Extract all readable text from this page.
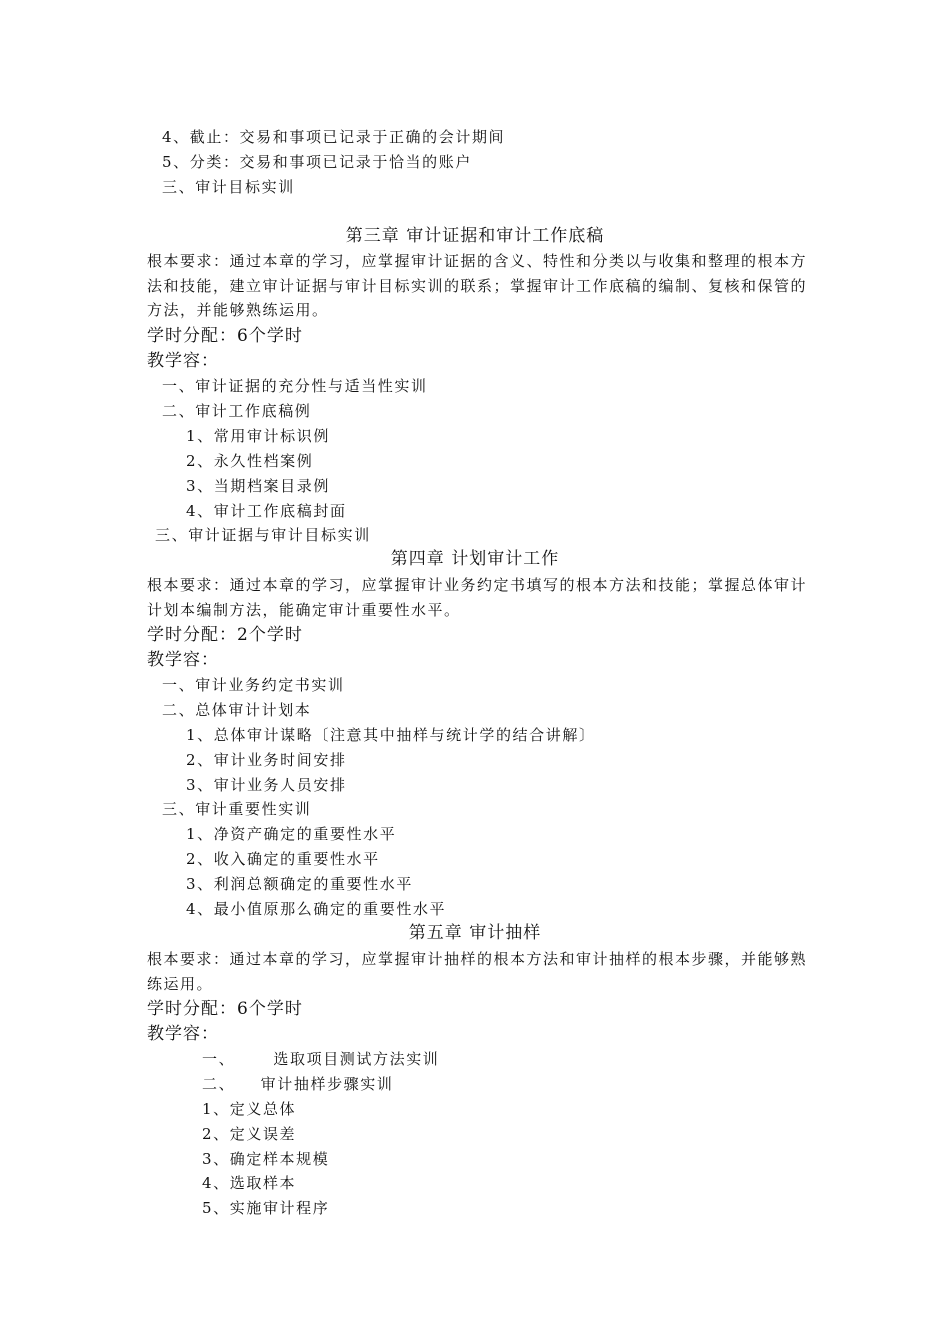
4、截止：交易和事项已记录于正确的会计期间
5、分类：交易和事项已记录于恰当的账户
三、审计目标实训
第三章 审计证据和审计工作底稿

根本要求：通过本章的学习，应掌握审计证据的含义、特性和分类以与收集和整理的根本方法和技能，建立审计证据与审计目标实训的联系；掌握审计工作底稿的编制、复核和保管的方法，并能够熟练运用。

学时分配：6个学时
教学容：
一、审计证据的充分性与适当性实训
二、审计工作底稿例
1、常用审计标识例
2、永久性档案例
3、当期档案目录例
4、审计工作底稿封面
三、审计证据与审计目标实训
第四章 计划审计工作

根本要求：通过本章的学习，应掌握审计业务约定书填写的根本方法和技能；掌握总体审计计划本编制方法，能确定审计重要性水平。

学时分配：2个学时
教学容：
一、审计业务约定书实训
二、总体审计计划本
1、总体审计谋略〔注意其中抽样与统计学的结合讲解〕
2、审计业务时间安排
3、审计业务人员安排
三、审计重要性实训
1、净资产确定的重要性水平
2、收入确定的重要性水平
3、利润总额确定的重要性水平
4、最小值原那么确定的重要性水平
第五章 审计抽样

根本要求：通过本章的学习，应掌握审计抽样的根本方法和审计抽样的根本步骤，并能够熟练运用。

学时分配：6个学时
教学容：
一、      选取项目测试方法实训
二、    审计抽样步骤实训
1、定义总体
2、定义误差
3、确定样本规模
4、选取样本
5、实施审计程序
